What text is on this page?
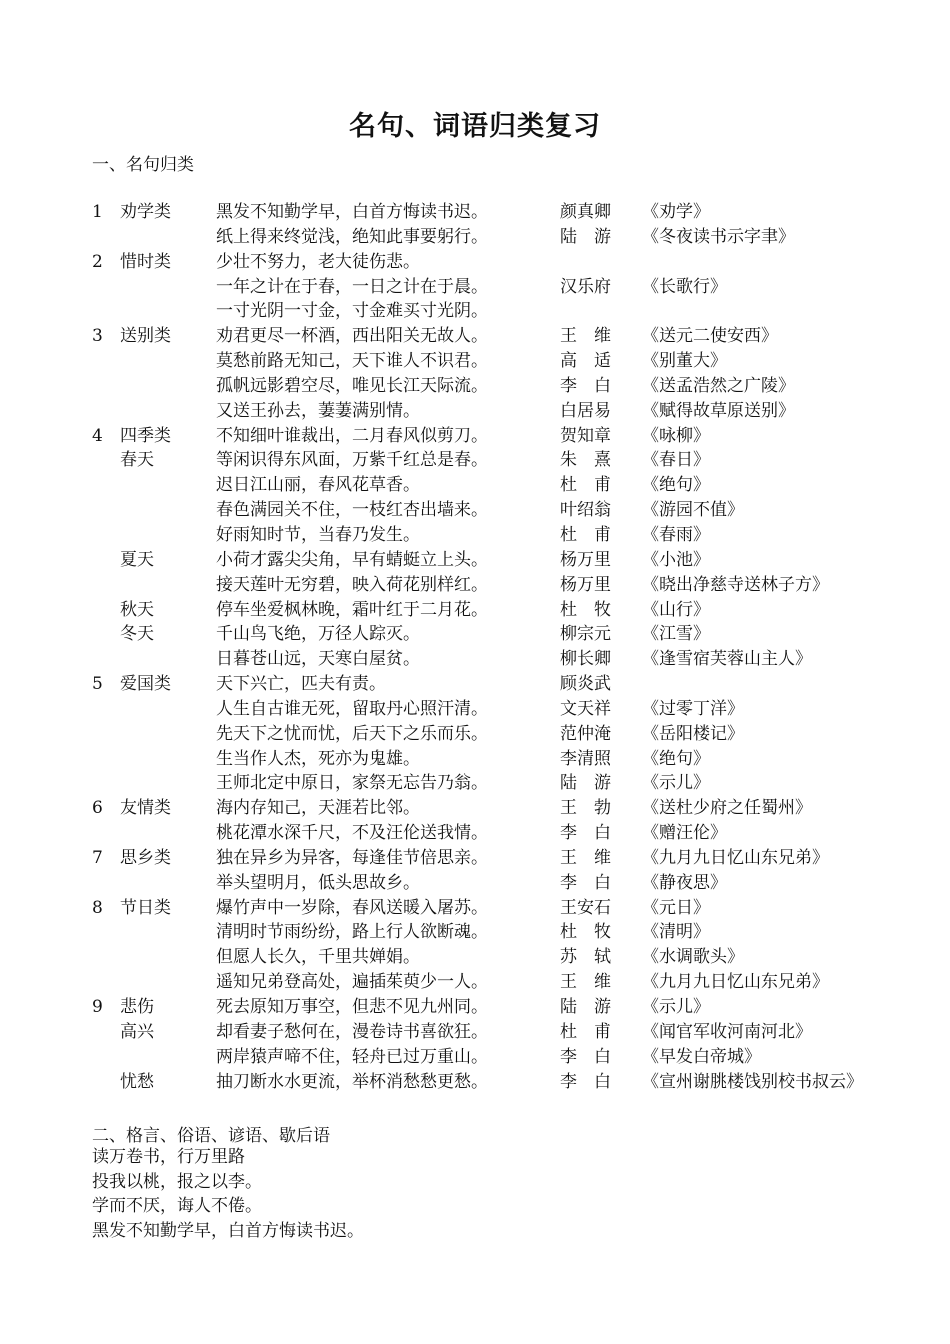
名句、词语归类复习
一、名句归类
1 劝学类	黑发不知勤学早，白首方悔读书迟。	颜真卿 《劝学》
纸上得来终觉浅，绝知此事要躬行。	陆　游 《冬夜读书示字聿》
2 惜时类	少壮不努力，老大徒伤悲。
一年之计在于春，一日之计在于晨。	汉乐府 《长歌行》
一寸光阴一寸金，寸金难买寸光阴。
3 送别类	劝君更尽一杯酒，西出阳关无故人。	王　维 《送元二使安西》
莫愁前路无知己，天下谁人不识君。	高　适 《别董大》
孤帆远影碧空尽，唯见长江天际流。	李　白 《送孟浩然之广陵》
又送王孙去，萋萋满别情。	白居易 《赋得故草原送别》
4 四季类	不知细叶谁裁出，二月春风似剪刀。	贺知章 《咏柳》
春天	等闲识得东风面，万紫千红总是春。	朱　熹 《春日》
迟日江山丽，春风花草香。	杜　甫 《绝句》
春色满园关不住，一枝红杏出墙来。	叶绍翁 《游园不值》
好雨知时节，当春乃发生。	杜　甫 《春雨》
夏天	小荷才露尖尖角，早有蜻蜓立上头。	杨万里 《小池》
接天莲叶无穷碧，映入荷花别样红。	杨万里 《晓出净慈寺送林子方》
秋天	停车坐爱枫林晚，霜叶红于二月花。	杜　牧 《山行》
冬天	千山鸟飞绝，万径人踪灭。	柳宗元 《江雪》
日暮苍山远，天寒白屋贫。	柳长卿 《逢雪宿芙蓉山主人》
5 爱国类	天下兴亡，匹夫有责。	顾炎武
人生自古谁无死，留取丹心照汗清。	文天祥 《过零丁洋》
先天下之忧而忧，后天下之乐而乐。	范仲淹 《岳阳楼记》
生当作人杰，死亦为鬼雄。	李清照 《绝句》
王师北定中原日，家祭无忘告乃翁。	陆　游 《示儿》
6 友情类	海内存知己，天涯若比邻。	王　勃 《送杜少府之任蜀州》
桃花潭水深千尺，不及汪伦送我情。	李　白 《赠汪伦》
7 思乡类	独在异乡为异客，每逢佳节倍思亲。	王　维 《九月九日忆山东兄弟》
举头望明月，低头思故乡。	李　白 《静夜思》
8 节日类	爆竹声中一岁除，春风送暖入屠苏。	王安石 《元日》
清明时节雨纷纷，路上行人欲断魂。	杜　牧 《清明》
但愿人长久，千里共婵娟。	苏　轼 《水调歌头》
遥知兄弟登高处，遍插茱萸少一人。	王　维 《九月九日忆山东兄弟》
9 悲伤	死去原知万事空，但悲不见九州同。	陆　游 《示儿》
高兴	却看妻子愁何在，漫卷诗书喜欲狂。	杜　甫 《闻官军收河南河北》
两岸猿声啼不住，轻舟已过万重山。	李　白 《早发白帝城》
忧愁	抽刀断水水更流，举杯消愁愁更愁。	李　白 《宣州谢朓楼饯别校书叔云》
二、格言、俗语、谚语、歇后语
读万卷书，行万里路
投我以桃，报之以李。
学而不厌，诲人不倦。
黑发不知勤学早，白首方悔读书迟。
